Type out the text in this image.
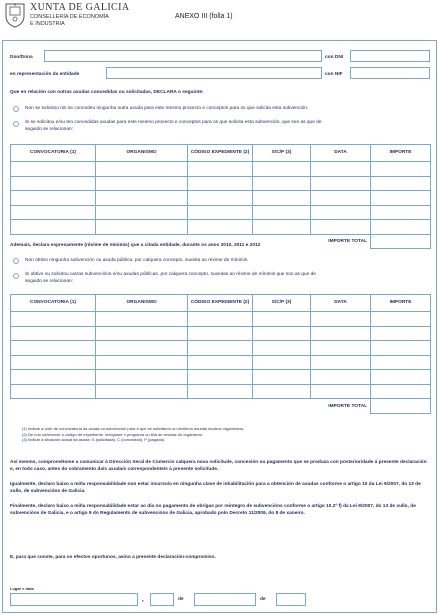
XUNTA DE GALICIA
CONSELLERÍA DE ECONOMÍA
E INDUSTRIA
ANEXO III (folla 1)
Don/Dona	con DNI
en representación da entidade	con NIF
Que en relación con outras axudas concedidas ou solicitadas, DECLARA o seguinte:
Non se solicitou nin se concedeu ningunha outra axuda para este mesmo proxecto e conceptos para os que solicita esta subvención.
Si se solicitou e/ou ten concedidas axudas para este mesmo proxecto e conceptos para os que solicita esta subvención, que son as que de
seguido se relacionan:
CONVOCATORIA (1)	ORGANISMO	CÓDIGO EXPEDIENTE (2)	S/C/P (3)	DATA	IMPORTE

			IMPORTE TOTAL		
Ademais, declara expresamente (réxime de mínimis) que a citada entidade, durante os anos 2010, 2011 e 2012
Non obtivo ningunha subvención ou axuda pública, por calquera concepto, suxeita ao réxime de mínimis.
Si obtivo ou solicitou outras subvencións e/ou axudas públicas, por calquera concepto, suxeitas ao réxime de mínimis que son as que de
seguido se relacionan:
CONVOCATORIA (1)	ORGANISMO	CÓDIGO EXPEDIENTE (2)	S/C/P (3)	DATA	IMPORTE

			IMPORTE TOTAL		
(1) Indicar a orde de convocatoria da axuda ou subvención para a que se solicitaron ou recibiron axudas doutros organismos.
(2) De non coñecerse o código de expediente, indíquese o programa ou liña de axudas do organismo.
(3) Indicar a situación actual da axuda: S (solicitada), C (concedida), P (pagada).
Así mesmo, comprométome a comunicar á Dirección Xeral de Comercio calquera nova solicitude, concesión ou pagamento que se produza con posterioridade á presente declaración e, en todo caso, antes do cobramento da/s axuda/s correspondente/s á presente solicitude.
Igualmente, declaro baixo a miña responsabilidade non estar incurso/a en ningunha clase de inhabilitación para a obtención de axudas conforme o artigo 10 da Lei 9/2007, do 13 de xullo, de subvencións de Galicia.
Finalmente, declaro baixo a miña responsabilidade estar ao día no pagamento de obrigas por reintegro de subvencións conforme o artigo 10.2º f) da Lei 9/2007, do 13 de xullo, de subvencións de Galicia, e o artigo 9 do Regulamento de subvencións de Galicia, aprobado polo Decreto 11/2009, do 8 de xaneiro.
E, para que conste, para os efectos oportunos, asino a presente declaración-compromiso.
Lugar e data
,	de	de
